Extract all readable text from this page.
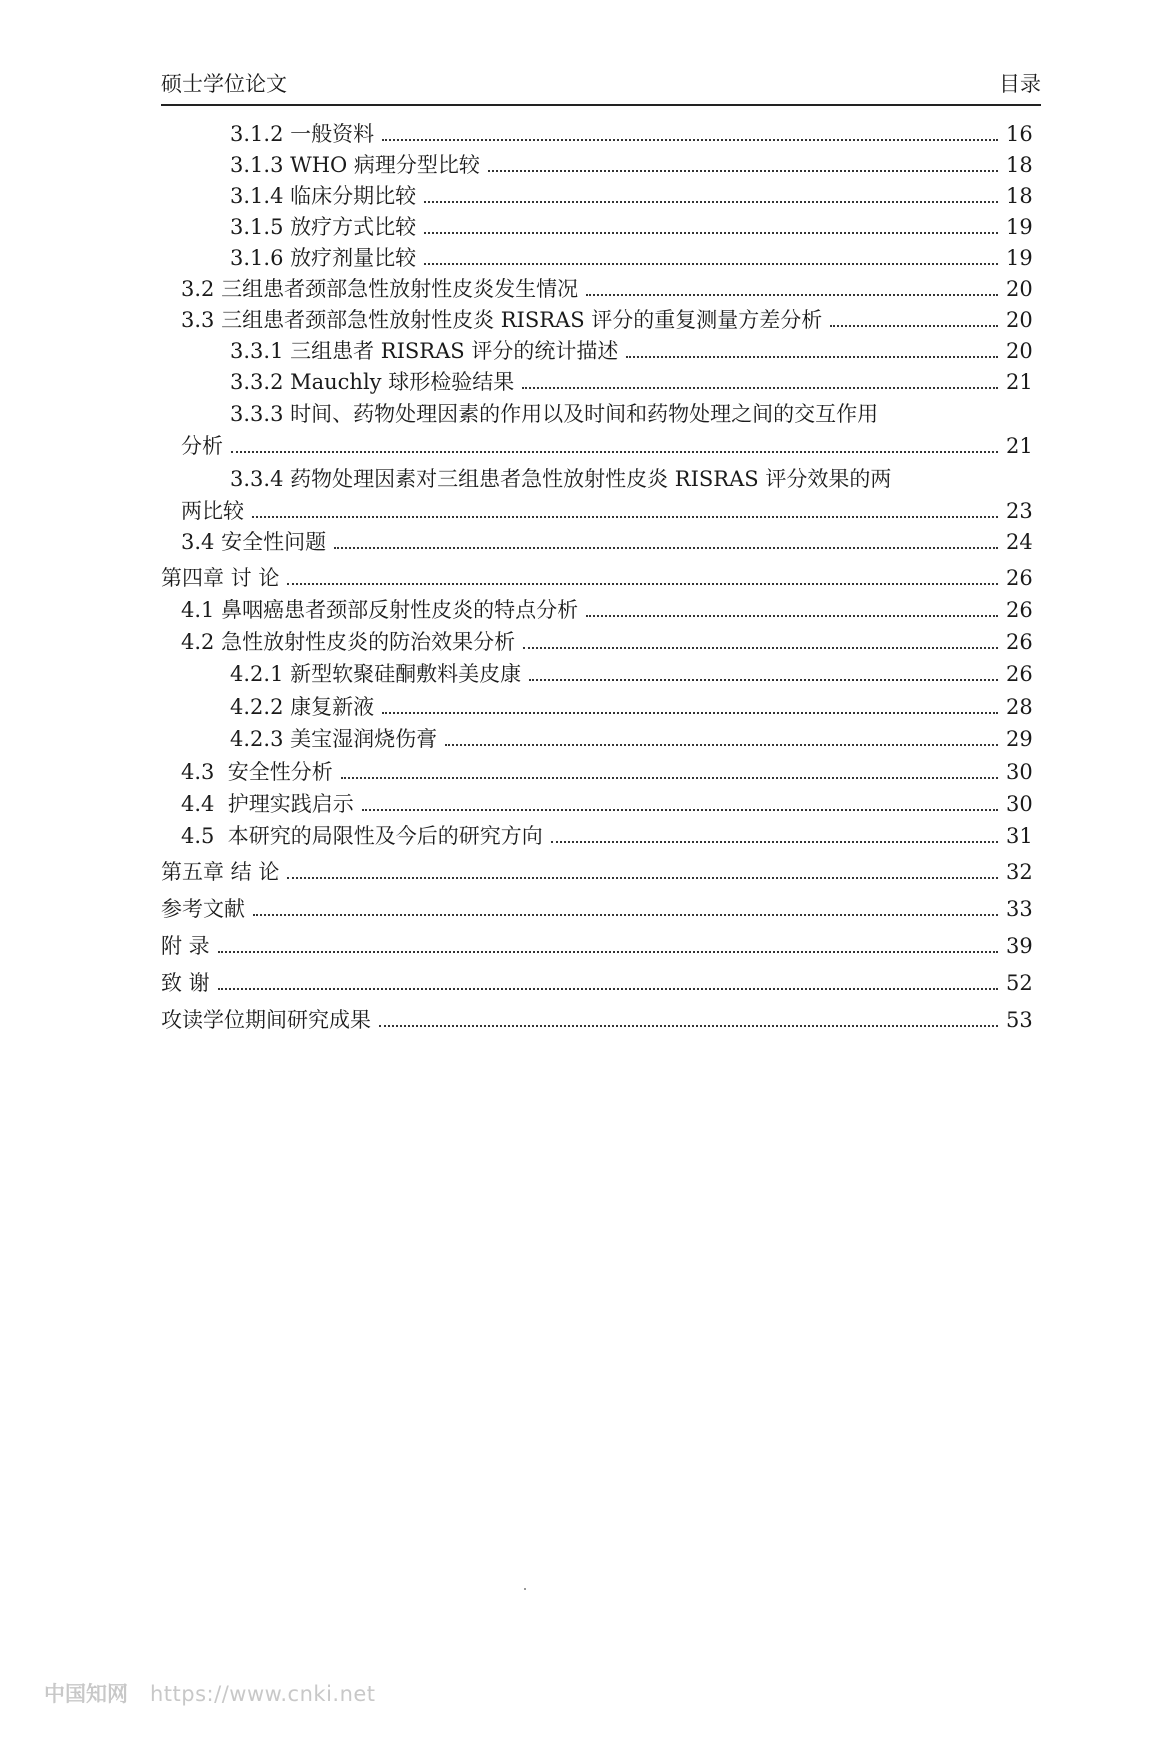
硕士学位论文	目录
3.1.2 一般资料	16
3.1.3 WHO 病理分型比较	18
3.1.4 临床分期比较	18
3.1.5 放疗方式比较	19
3.1.6 放疗剂量比较	19
3.2 三组患者颈部急性放射性皮炎发生情况	20
3.3 三组患者颈部急性放射性皮炎 RISRAS 评分的重复测量方差分析	20
3.3.1 三组患者 RISRAS 评分的统计描述	20
3.3.2 Mauchly 球形检验结果	21
3.3.3 时间、药物处理因素的作用以及时间和药物处理之间的交互作用
分析	21
3.3.4 药物处理因素对三组患者急性放射性皮炎 RISRAS 评分效果的两
两比较	23
3.4 安全性问题	24
第四章 讨 论	26
4.1 鼻咽癌患者颈部反射性皮炎的特点分析	26
4.2 急性放射性皮炎的防治效果分析	26
4.2.1 新型软聚硅酮敷料美皮康	26
4.2.2 康复新液	28
4.2.3 美宝湿润烧伤膏	29
4.3  安全性分析	30
4.4  护理实践启示	30
4.5  本研究的局限性及今后的研究方向	31
第五章 结 论	32
参考文献	33
附 录	39
致 谢	52
攻读学位期间研究成果	53
中国知网 https://www.cnki.net
